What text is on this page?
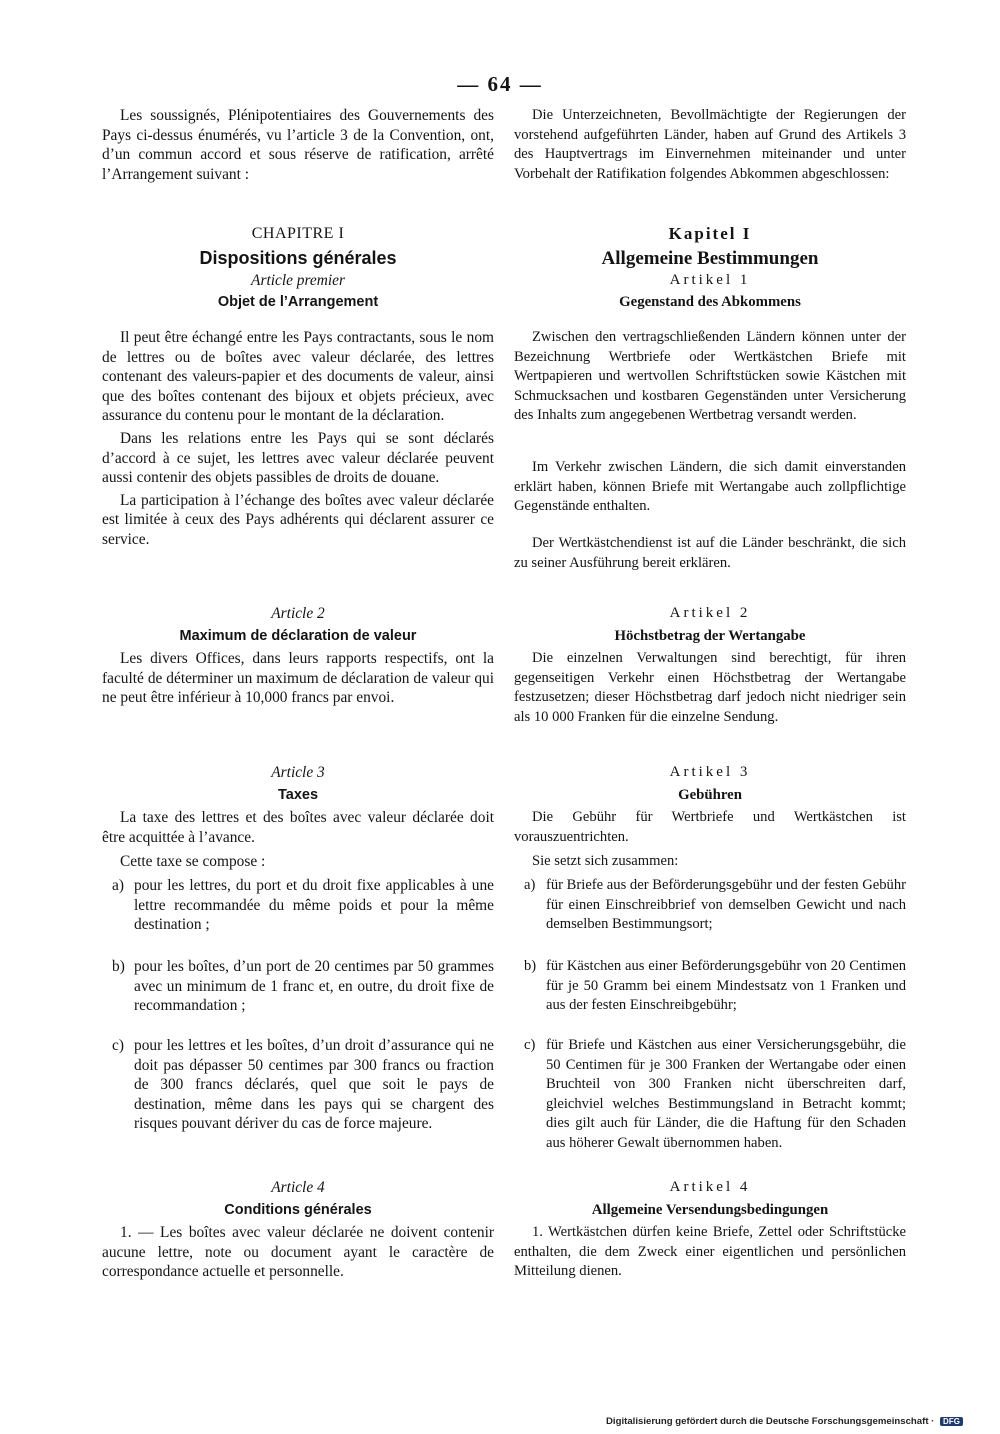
— 64 —

Les soussignés, Plénipotentiaires des Gouvernements des Pays ci-dessus énumérés, vu l’article 3 de la Convention, ont, d’un commun accord et sous réserve de ratification, arrêté l’Arrangement suivant :

CHAPITRE I

Dispositions générales

Article premier

Objet de l’Arrangement

Il peut être échangé entre les Pays contractants, sous le nom de lettres ou de boîtes avec valeur déclarée, des lettres contenant des valeurs-papier et des documents de valeur, ainsi que des boîtes contenant des bijoux et objets précieux, avec assurance du contenu pour le montant de la déclaration.

Dans les relations entre les Pays qui se sont déclarés d’accord à ce sujet, les lettres avec valeur déclarée peuvent aussi contenir des objets passibles de droits de douane.

La participation à l’échange des boîtes avec valeur déclarée est limitée à ceux des Pays adhérents qui déclarent assurer ce service.

Article 2

Maximum de déclaration de valeur

Les divers Offices, dans leurs rapports respectifs, ont la faculté de déterminer un maximum de déclaration de valeur qui ne peut être inférieur à 10,000 francs par envoi.

Article 3

Taxes

La taxe des lettres et des boîtes avec valeur déclarée doit être acquittée à l’avance.

Cette taxe se compose :

a) pour les lettres, du port et du droit fixe applicables à une lettre recommandée du même poids et pour la même destination ;

b) pour les boîtes, d’un port de 20 centimes par 50 grammes avec un minimum de 1 franc et, en outre, du droit fixe de recommandation ;

c) pour les lettres et les boîtes, d’un droit d’assurance qui ne doit pas dépasser 50 centimes par 300 francs ou fraction de 300 francs déclarés, quel que soit le pays de destination, même dans les pays qui se chargent des risques pouvant dériver du cas de force majeure.

Article 4

Conditions générales

1. — Les boîtes avec valeur déclarée ne doivent contenir aucune lettre, note ou document ayant le caractère de correspondance actuelle et personnelle.

Die Unterzeichneten, Bevollmächtigte der Regierungen der vorstehend aufgeführten Länder, haben auf Grund des Artikels 3 des Hauptvertrags im Einvernehmen miteinander und unter Vorbehalt der Ratifikation folgendes Abkommen abgeschlossen:

Kapitel I

Allgemeine Bestimmungen

Artikel 1

Gegenstand des Abkommens

Zwischen den vertragschließenden Ländern können unter der Bezeichnung Wertbriefe oder Wertkästchen Briefe mit Wertpapieren und wertvollen Schriftstücken sowie Kästchen mit Schmucksachen und kostbaren Gegenständen unter Versicherung des Inhalts zum angegebenen Wertbetrag versandt werden.

Im Verkehr zwischen Ländern, die sich damit einverstanden erklärt haben, können Briefe mit Wertangabe auch zollpflichtige Gegenstände enthalten.

Der Wertkästchendienst ist auf die Länder beschränkt, die sich zu seiner Ausführung bereit erklären.

Artikel 2

Höchstbetrag der Wertangabe

Die einzelnen Verwaltungen sind berechtigt, für ihren gegenseitigen Verkehr einen Höchstbetrag der Wertangabe festzusetzen; dieser Höchstbetrag darf jedoch nicht niedriger sein als 10 000 Franken für die einzelne Sendung.

Artikel 3

Gebühren

Die Gebühr für Wertbriefe und Wertkästchen ist vorauszuentrichten.

Sie setzt sich zusammen:

a) für Briefe aus der Beförderungsgebühr und der festen Gebühr für einen Einschreibbrief von demselben Gewicht und nach demselben Bestimmungsort;

b) für Kästchen aus einer Beförderungsgebühr von 20 Centimen für je 50 Gramm bei einem Mindestsatz von 1 Franken und aus der festen Einschreibgebühr;

c) für Briefe und Kästchen aus einer Versicherungsgebühr, die 50 Centimen für je 300 Franken der Wertangabe oder einen Bruchteil von 300 Franken nicht überschreiten darf, gleichviel welches Bestimmungsland in Betracht kommt; dies gilt auch für Länder, die die Haftung für den Schaden aus höherer Gewalt übernommen haben.

Artikel 4

Allgemeine Versendungsbedingungen

1. Wertkästchen dürfen keine Briefe, Zettel oder Schriftstücke enthalten, die dem Zweck einer eigentlichen und persönlichen Mitteilung dienen.

Digitalisierung gefördert durch die Deutsche Forschungsgemeinschaft · DFG
